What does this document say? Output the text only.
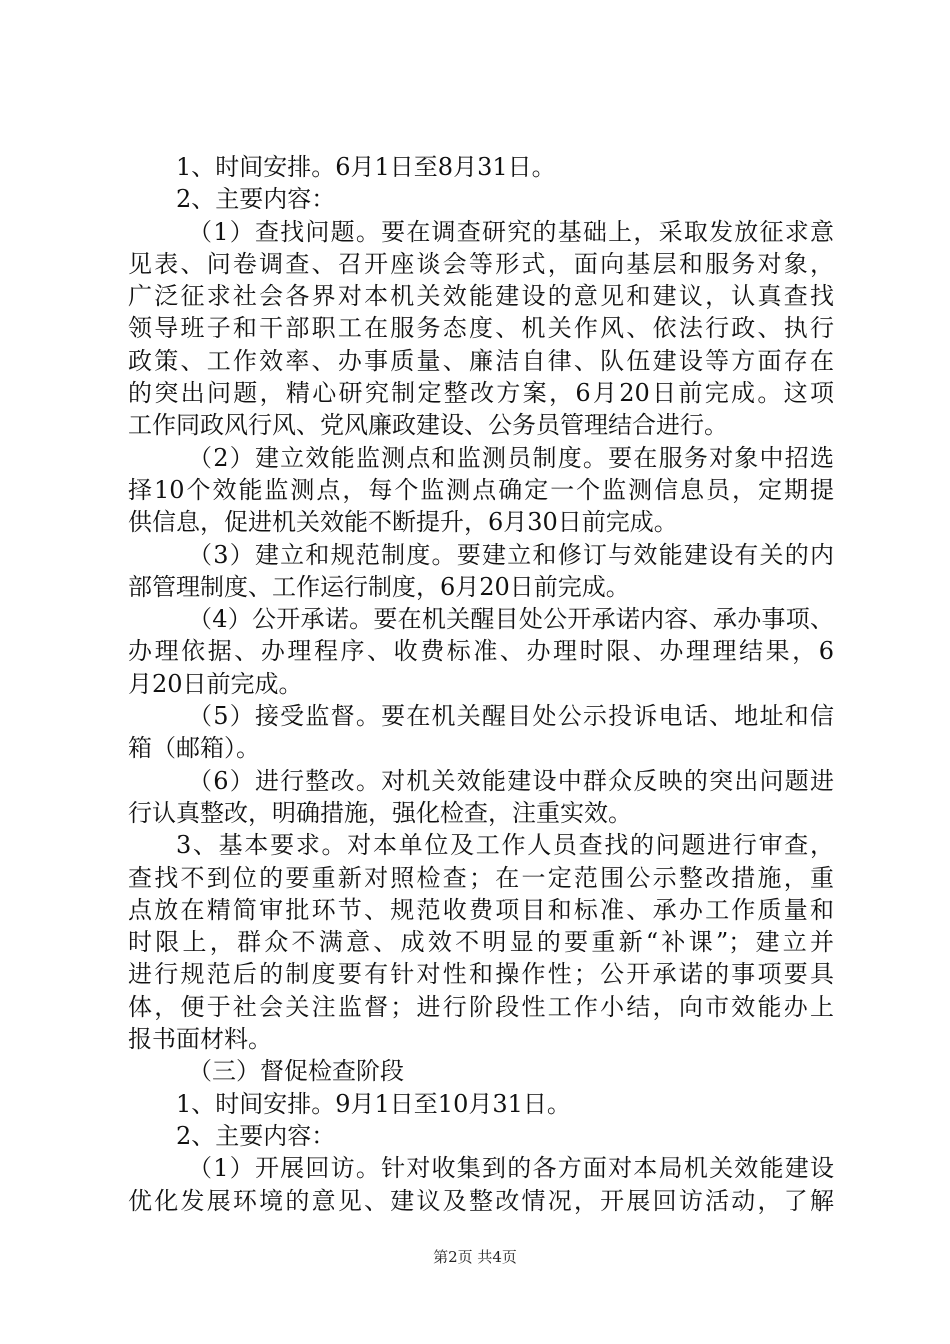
1、时间安排。6月1日至8月31日。
2、主要内容：
（1）查找问题。要在调查研究的基础上，采取发放征求意
见表、问卷调查、召开座谈会等形式，面向基层和服务对象，
广泛征求社会各界对本机关效能建设的意见和建议，认真查找
领导班子和干部职工在服务态度、机关作风、依法行政、执行
政策、工作效率、办事质量、廉洁自律、队伍建设等方面存在
的突出问题，精心研究制定整改方案，6月20日前完成。这项
工作同政风行风、党风廉政建设、公务员管理结合进行。
（2）建立效能监测点和监测员制度。要在服务对象中招选
择10个效能监测点，每个监测点确定一个监测信息员，定期提
供信息，促进机关效能不断提升，6月30日前完成。
（3）建立和规范制度。要建立和修订与效能建设有关的内
部管理制度、工作运行制度，6月20日前完成。
（4）公开承诺。要在机关醒目处公开承诺内容、承办事项、
办理依据、办理程序、收费标准、办理时限、办理理结果，6
月20日前完成。
（5）接受监督。要在机关醒目处公示投诉电话、地址和信
箱（邮箱）。
（6）进行整改。对机关效能建设中群众反映的突出问题进
行认真整改，明确措施，强化检查，注重实效。
3、基本要求。对本单位及工作人员查找的问题进行审查，
查找不到位的要重新对照检查；在一定范围公示整改措施，重
点放在精简审批环节、规范收费项目和标准、承办工作质量和
时限上，群众不满意、成效不明显的要重新“补课”；建立并
进行规范后的制度要有针对性和操作性；公开承诺的事项要具
体，便于社会关注监督；进行阶段性工作小结，向市效能办上
报书面材料。
（三）督促检查阶段
1、时间安排。9月1日至10月31日。
2、主要内容：
（1）开展回访。针对收集到的各方面对本局机关效能建设
优化发展环境的意见、建议及整改情况，开展回访活动，了解
第2页 共4页
